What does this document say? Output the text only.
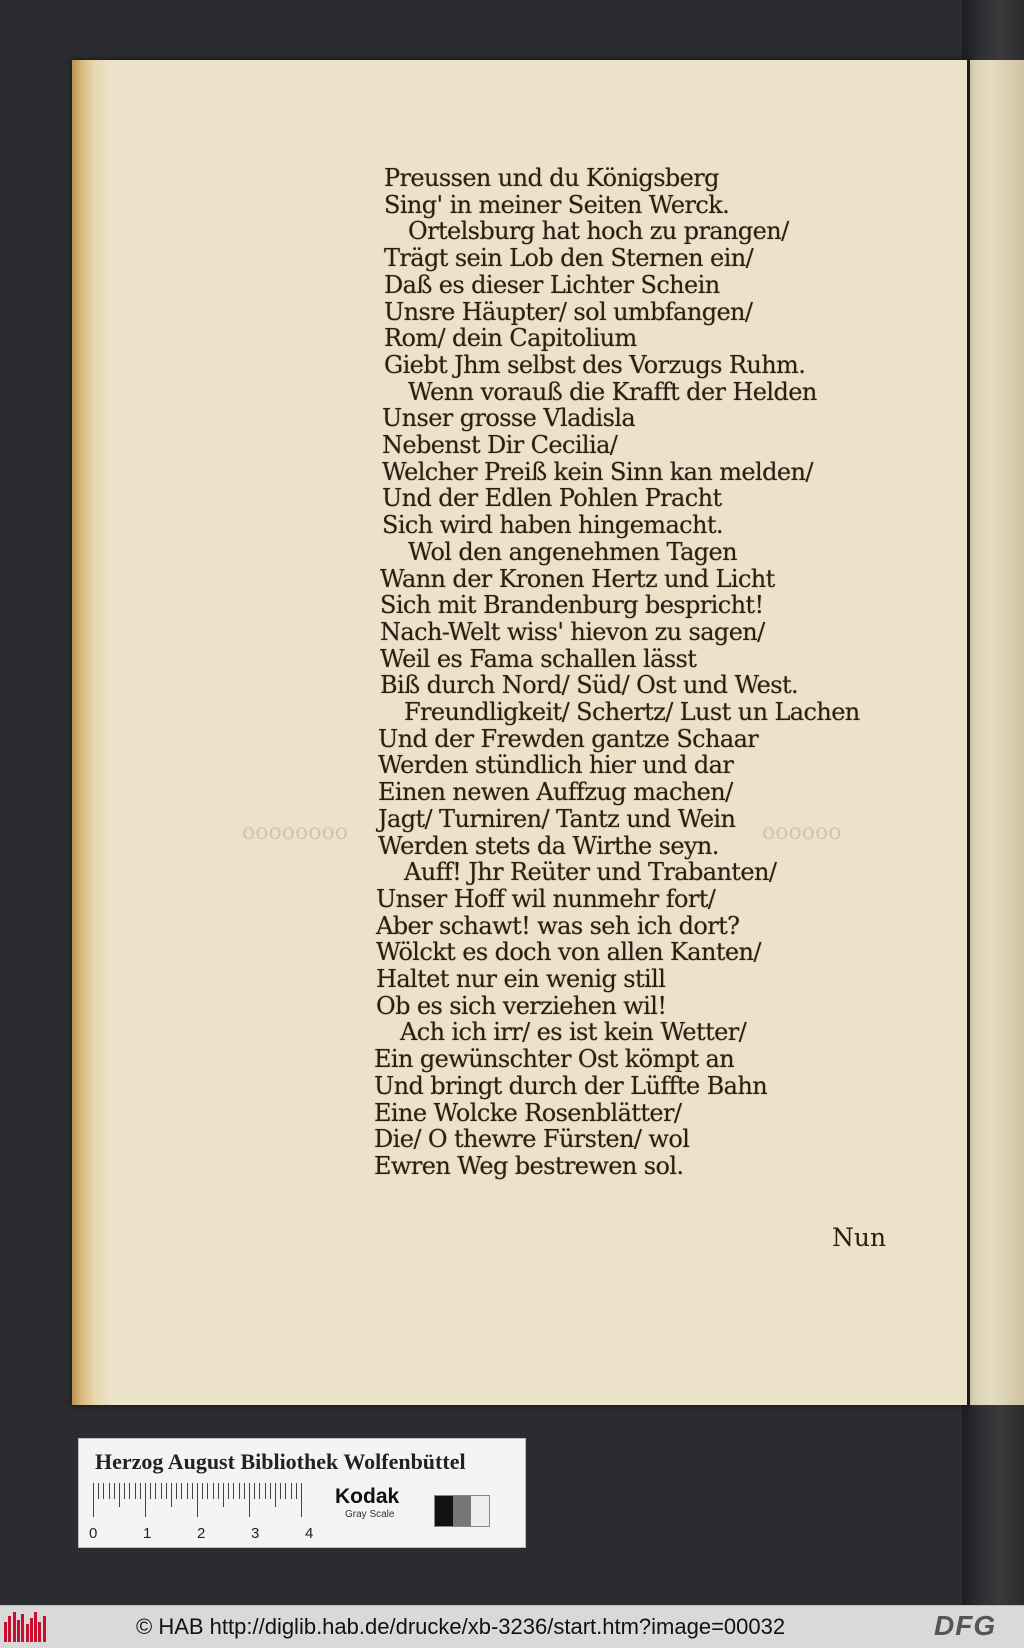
oooooooo	oooooo
Preussen und du Königsberg
Sing' in meiner Seiten Werck.
Ortelsburg hat hoch zu prangen/
Trägt sein Lob den Sternen ein/
Daß es dieser Lichter Schein
Unsre Häupter/ sol umbfangen/
Rom/ dein Capitolium
Giebt Jhm selbst des Vorzugs Ruhm.
Wenn vorauß die Krafft der Helden
Unser grosse Vladisla
Nebenst Dir Cecilia/
Welcher Preiß kein Sinn kan melden/
Und der Edlen Pohlen Pracht
Sich wird haben hingemacht.
Wol den angenehmen Tagen
Wann der Kronen Hertz und Licht
Sich mit Brandenburg bespricht!
Nach-Welt wiss' hievon zu sagen/
Weil es Fama schallen lässt
Biß durch Nord/ Süd/ Ost und West.
Freundligkeit/ Schertz/ Lust un Lachen
Und der Frewden gantze Schaar
Werden stündlich hier und dar
Einen newen Auffzug machen/
Jagt/ Turniren/ Tantz und Wein
Werden stets da Wirthe seyn.
Auff! Jhr Reüter und Trabanten/
Unser Hoff wil nunmehr fort/
Aber schawt! was seh ich dort?
Wölckt es doch von allen Kanten/
Haltet nur ein wenig still
Ob es sich verziehen wil!
Ach ich irr/ es ist kein Wetter/
Ein gewünschter Ost kömpt an
Und bringt durch der Lüffte Bahn
Eine Wolcke Rosenblätter/
Die/ O thewre Fürsten/ wol
Ewren Weg bestrewen sol.
Nun
Herzog August Bibliothek Wolfenbüttel
0	1	2	3	4
Kodak
Gray Scale
© HAB http://diglib.hab.de/drucke/xb-3236/start.htm?image=00032	DFG
